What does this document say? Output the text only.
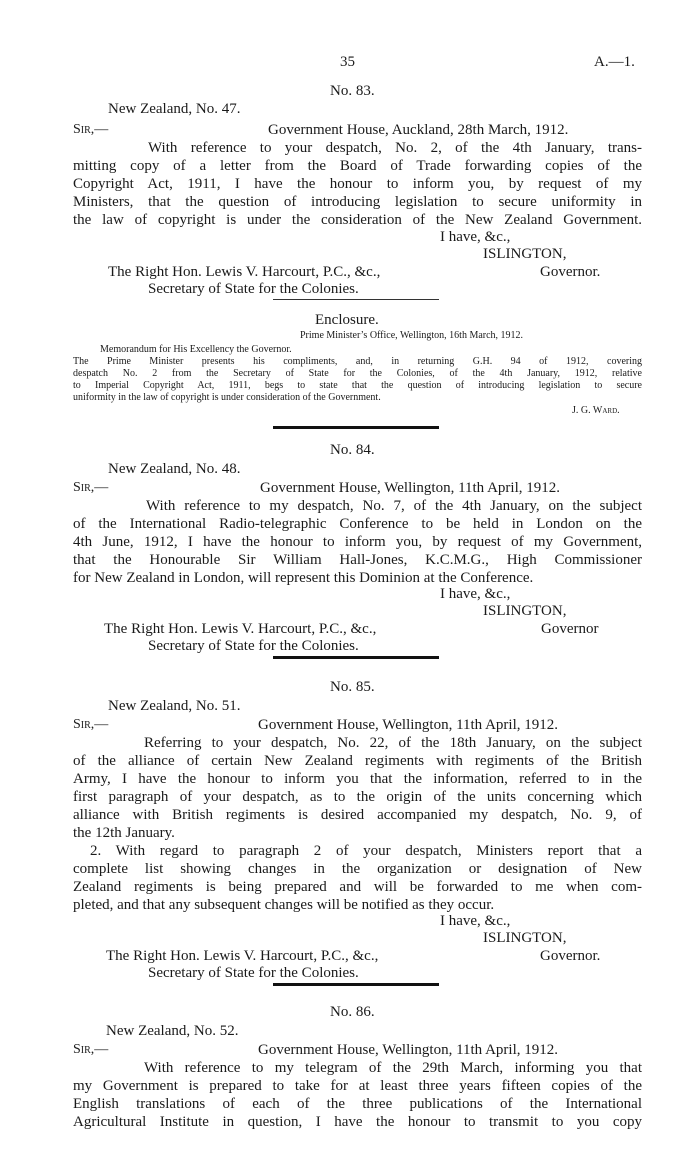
35	A.—1.
No. 83.
New Zealand, No. 47.
Sir,—	Government House, Auckland, 28th March, 1912.
With reference to your despatch, No. 2, of the 4th January, trans-
mitting copy of a letter from the Board of Trade forwarding copies of the
Copyright Act, 1911, I have the honour to inform you, by request of my
Ministers, that the question of introducing legislation to secure uniformity in
the law of copyright is under the consideration of the New Zealand Government.
I have, &c.,
ISLINGTON,
The Right Hon. Lewis V. Harcourt, P.C., &c.,	Governor.
Secretary of State for the Colonies.
Enclosure.
Prime Minister’s Office, Wellington, 16th March, 1912.
Memorandum for His Excellency the Governor.
The Prime Minister presents his compliments, and, in returning G.H. 94 of 1912, covering
despatch No. 2 from the Secretary of State for the Colonies, of the 4th January, 1912, relative
to Imperial Copyright Act, 1911, begs to state that the question of introducing legislation to secure
uniformity in the law of copyright is under consideration of the Government.
J. G. Ward.
No. 84.
New Zealand, No. 48.
Sir,—	Government House, Wellington, 11th April, 1912.
With reference to my despatch, No. 7, of the 4th January, on the subject
of the International Radio-telegraphic Conference to be held in London on the
4th June, 1912, I have the honour to inform you, by request of my Government,
that the Honourable Sir William Hall-Jones, K.C.M.G., High Commissioner
for New Zealand in London, will represent this Dominion at the Conference.
I have, &c.,
ISLINGTON,
The Right Hon. Lewis V. Harcourt, P.C., &c.,	Governor
Secretary of State for the Colonies.
No. 85.
New Zealand, No. 51.
Sir,—	Government House, Wellington, 11th April, 1912.
Referring to your despatch, No. 22, of the 18th January, on the subject
of the alliance of certain New Zealand regiments with regiments of the British
Army, I have the honour to inform you that the information, referred to in the
first paragraph of your despatch, as to the origin of the units concerning which
alliance with British regiments is desired accompanied my despatch, No. 9, of
the 12th January.
2. With regard to paragraph 2 of your despatch, Ministers report that a
complete list showing changes in the organization or designation of New
Zealand regiments is being prepared and will be forwarded to me when com-
pleted, and that any subsequent changes will be notified as they occur.
I have, &c.,
ISLINGTON,
The Right Hon. Lewis V. Harcourt, P.C., &c.,	Governor.
Secretary of State for the Colonies.
No. 86.
New Zealand, No. 52.
Sir,—	Government House, Wellington, 11th April, 1912.
With reference to my telegram of the 29th March, informing you that
my Government is prepared to take for at least three years fifteen copies of the
English translations of each of the three publications of the International
Agricultural Institute in question, I have the honour to transmit to you copy
